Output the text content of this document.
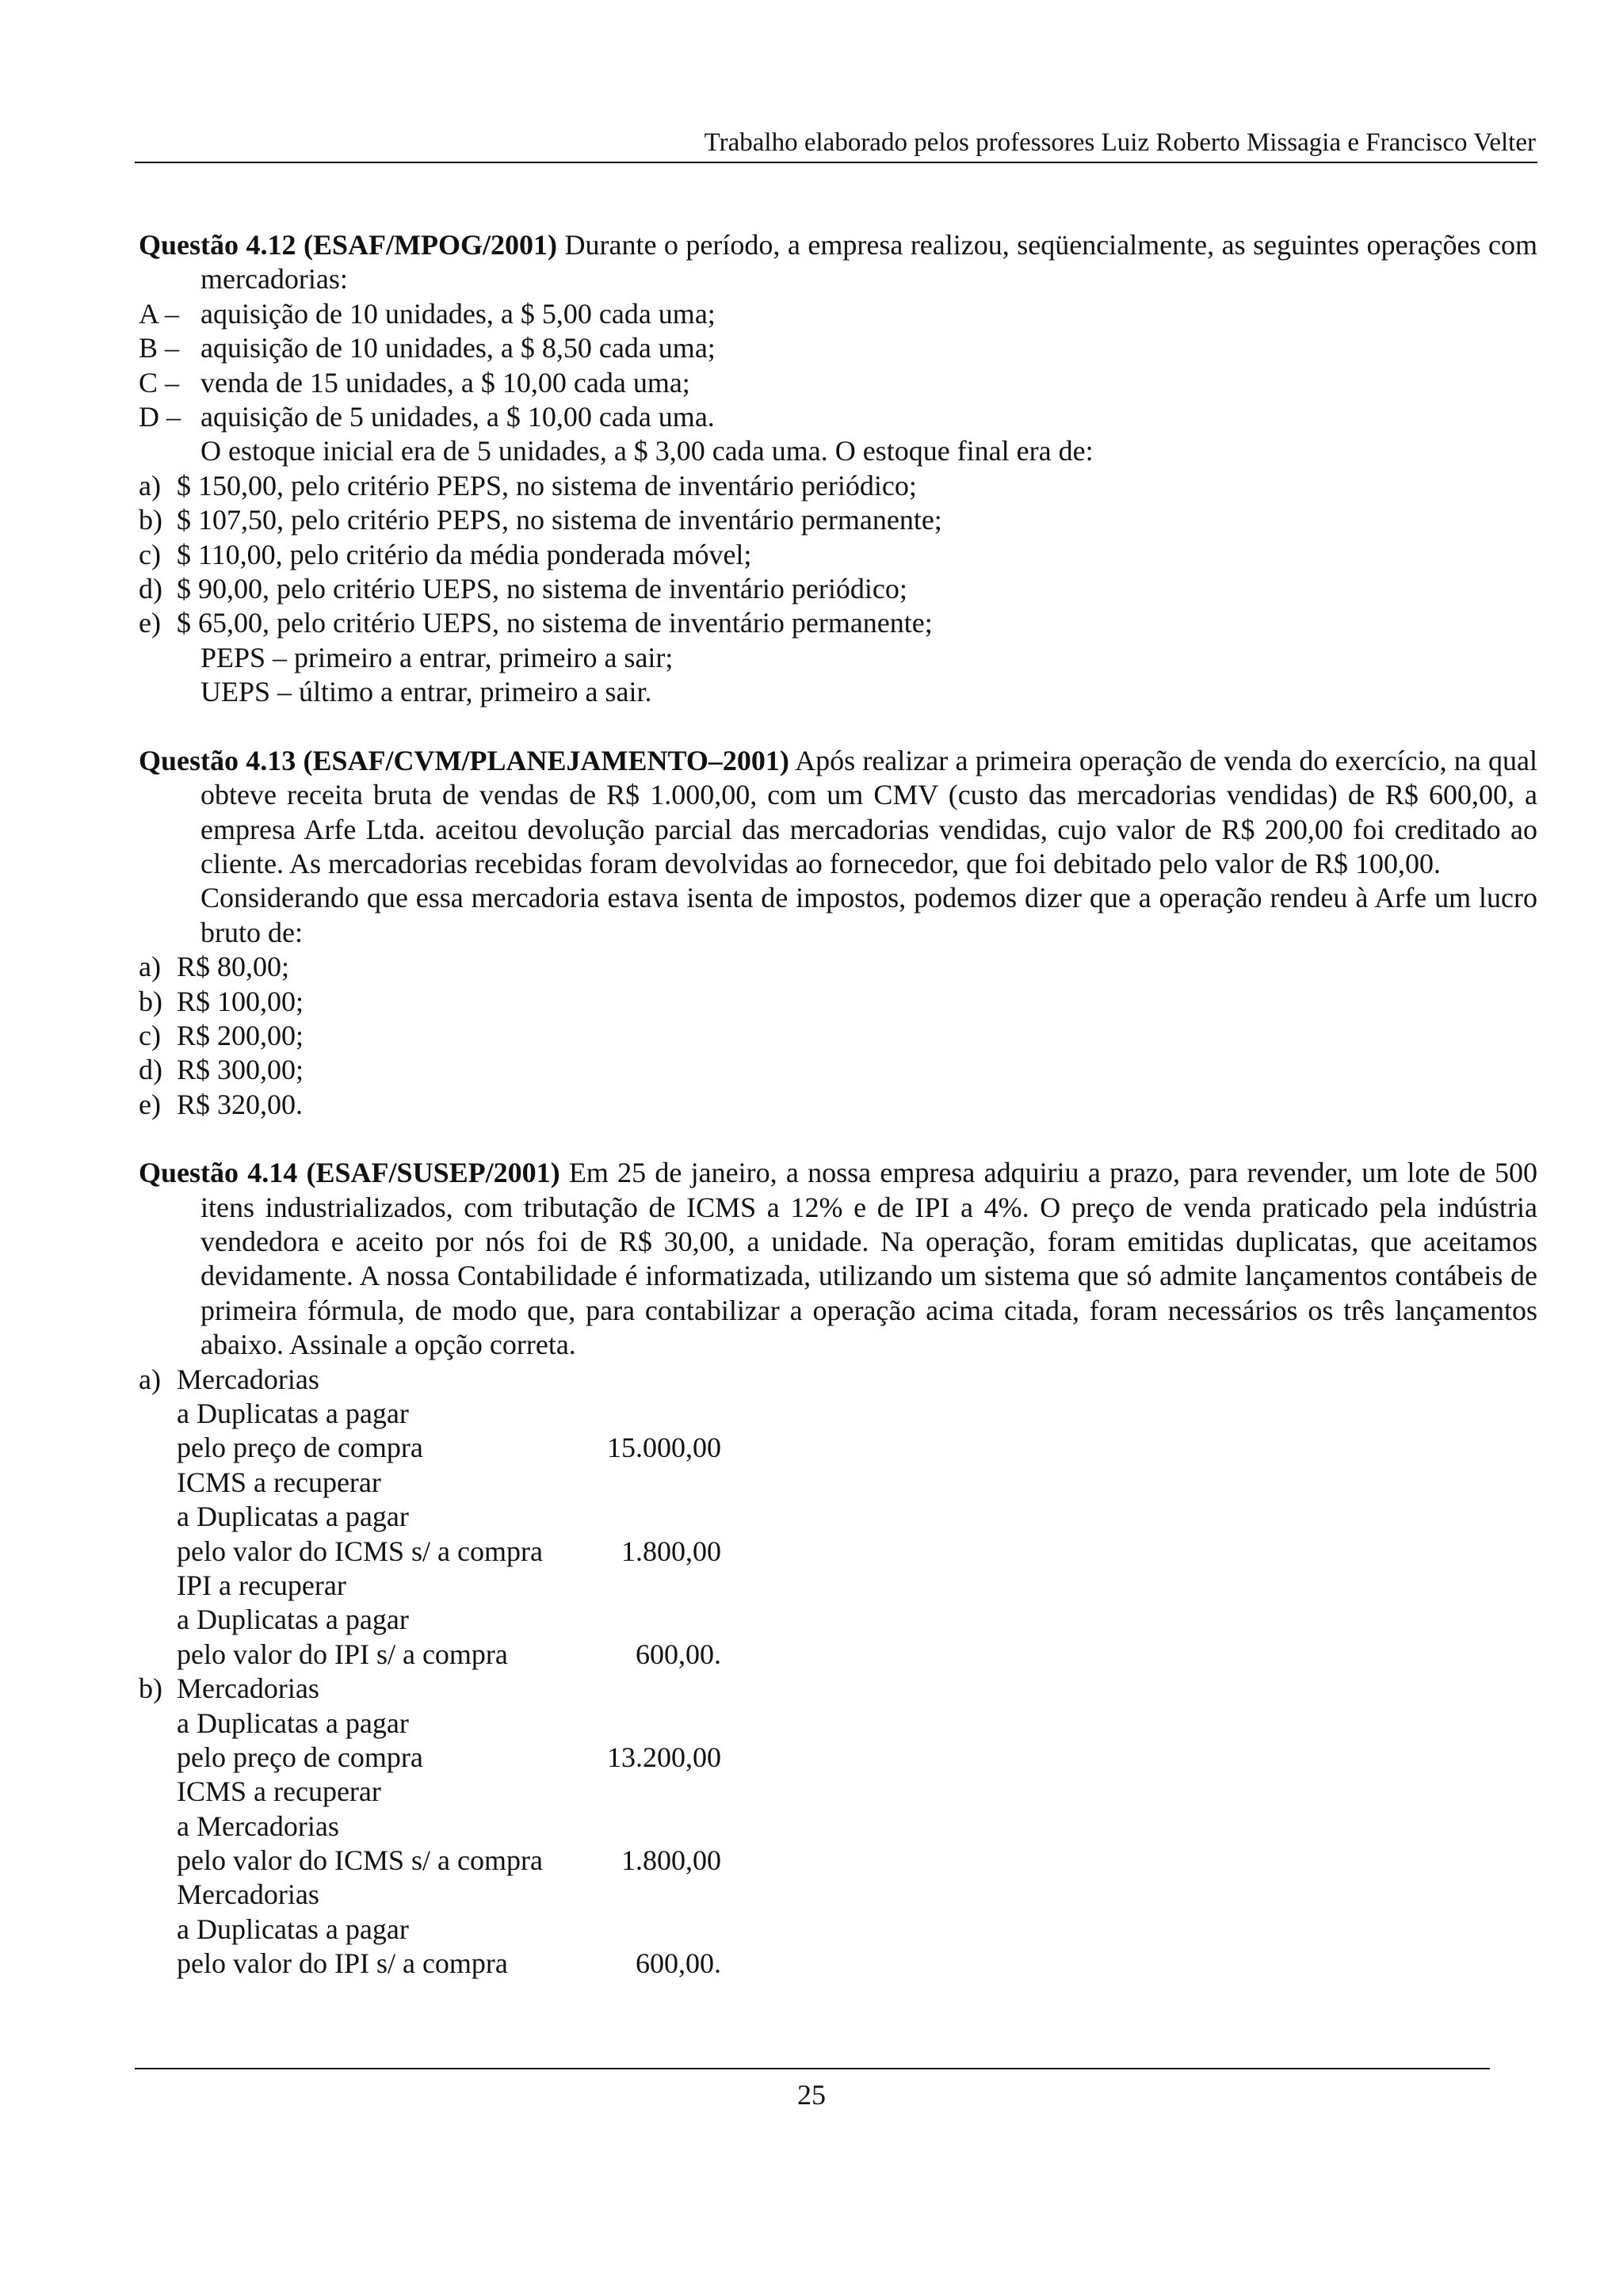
Trabalho elaborado pelos professores Luiz Roberto Missagia e Francisco Velter
Questão 4.12 (ESAF/MPOG/2001) Durante o período, a empresa realizou, seqüencialmente, as seguintes operações com mercadorias:
A – aquisição de 10 unidades, a $ 5,00 cada uma;
B – aquisição de 10 unidades, a $ 8,50 cada uma;
C – venda de 15 unidades, a $ 10,00 cada uma;
D – aquisição de 5 unidades, a $ 10,00 cada uma.
O estoque inicial era de 5 unidades, a $ 3,00 cada uma. O estoque final era de:
a) $ 150,00, pelo critério PEPS, no sistema de inventário periódico;
b) $ 107,50, pelo critério PEPS, no sistema de inventário permanente;
c) $ 110,00, pelo critério da média ponderada móvel;
d) $ 90,00, pelo critério UEPS, no sistema de inventário periódico;
e) $ 65,00, pelo critério UEPS, no sistema de inventário permanente;
PEPS – primeiro a entrar, primeiro a sair;
UEPS – último a entrar, primeiro a sair.
Questão 4.13 (ESAF/CVM/PLANEJAMENTO–2001) Após realizar a primeira operação de venda do exercício, na qual obteve receita bruta de vendas de R$ 1.000,00, com um CMV (custo das mercadorias vendidas) de R$ 600,00, a empresa Arfe Ltda. aceitou devolução parcial das mercadorias vendidas, cujo valor de R$ 200,00 foi creditado ao cliente. As mercadorias recebidas foram devolvidas ao fornecedor, que foi debitado pelo valor de R$ 100,00.
Considerando que essa mercadoria estava isenta de impostos, podemos dizer que a operação rendeu à Arfe um lucro bruto de:
a) R$ 80,00;
b) R$ 100,00;
c) R$ 200,00;
d) R$ 300,00;
e) R$ 320,00.
Questão 4.14 (ESAF/SUSEP/2001) Em 25 de janeiro, a nossa empresa adquiriu a prazo, para revender, um lote de 500 itens industrializados, com tributação de ICMS a 12% e de IPI a 4%. O preço de venda praticado pela indústria vendedora e aceito por nós foi de R$ 30,00, a unidade. Na operação, foram emitidas duplicatas, que aceitamos devidamente. A nossa Contabilidade é informatizada, utilizando um sistema que só admite lançamentos contábeis de primeira fórmula, de modo que, para contabilizar a operação acima citada, foram necessários os três lançamentos abaixo. Assinale a opção correta.
a) Mercadorias
a Duplicatas a pagar
pelo preço de compra	15.000,00
ICMS a recuperar
a Duplicatas a pagar
pelo valor do ICMS s/ a compra	1.800,00
IPI a recuperar
a Duplicatas a pagar
pelo valor do IPI s/ a compra	600,00.
b) Mercadorias
a Duplicatas a pagar
pelo preço de compra	13.200,00
ICMS a recuperar
a Mercadorias
pelo valor do ICMS s/ a compra	1.800,00
Mercadorias
a Duplicatas a pagar
pelo valor do IPI s/ a compra	600,00.
25
